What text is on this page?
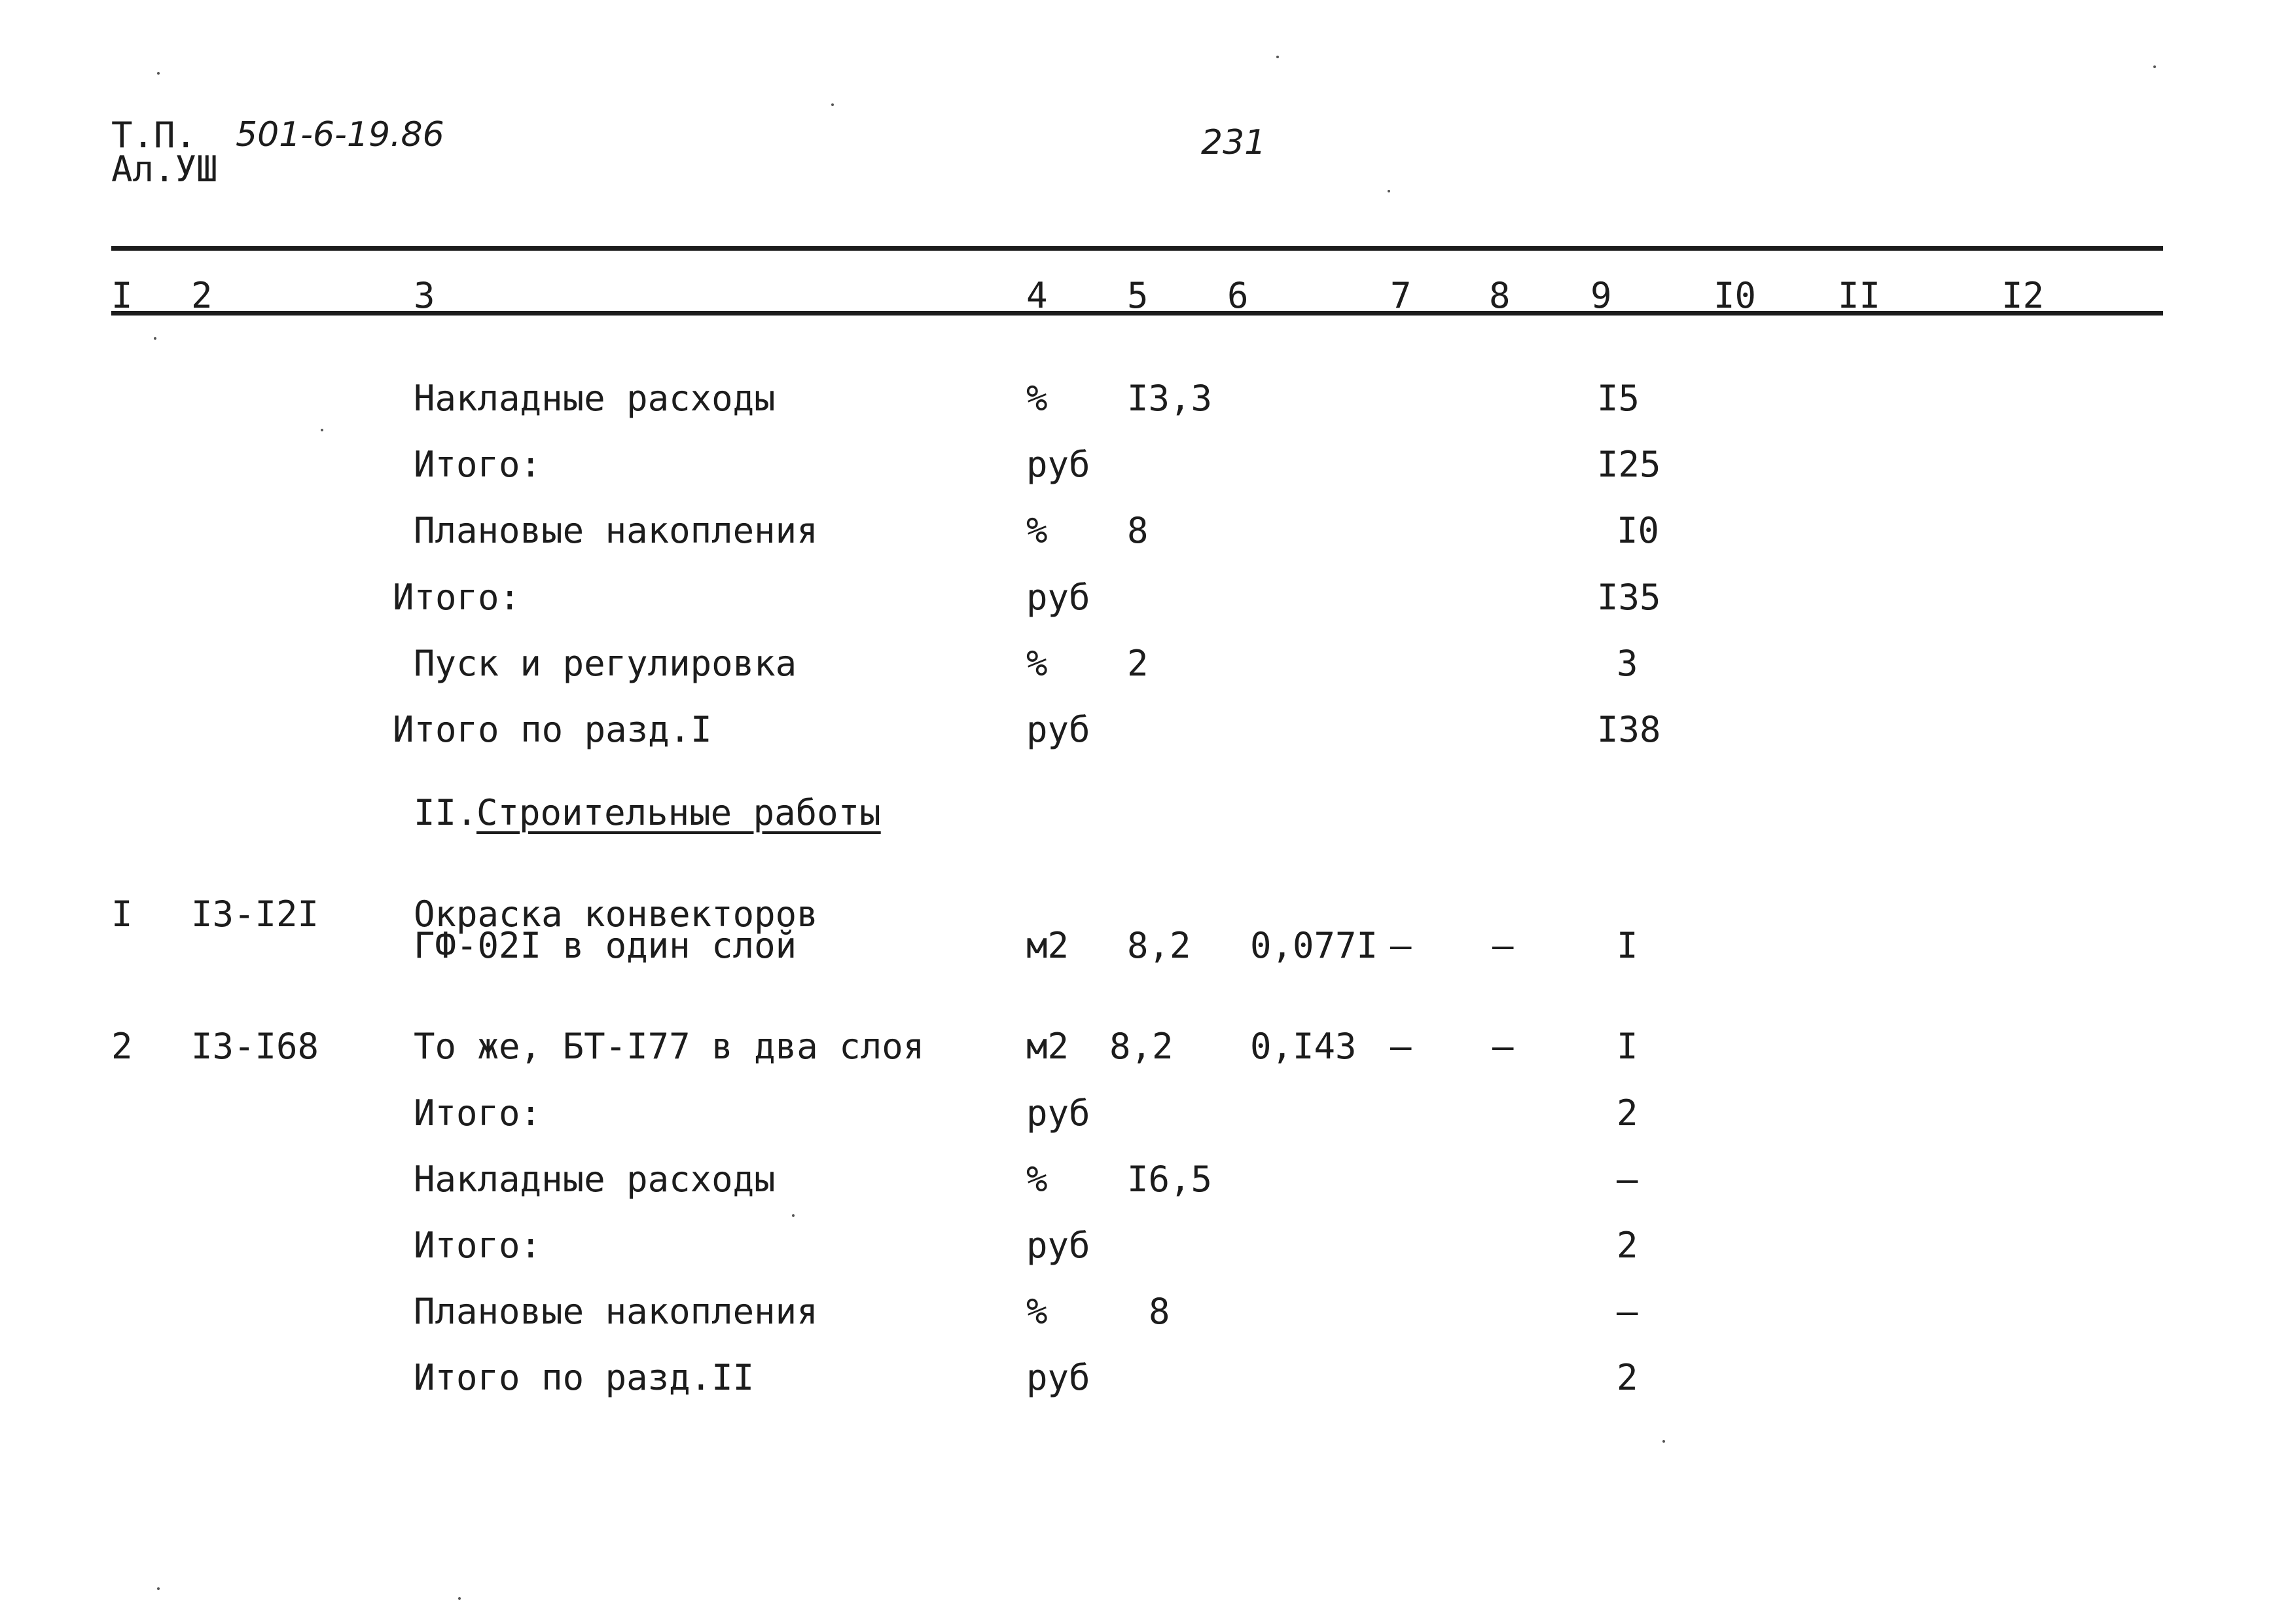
Т.П. 501-6-19.86
Ал.УШ
231
I 2	3	4 5 6	7 8 9	I0 II	I2
Накладные расходы	% I3,3	I5
Итого:	руб	I25
Плановые накопления	% 8	I0
Итого:	руб	I35
Пуск и регулировка	% 2	3
Итого по разд.I	руб	I38
II.
Строительные работы
I I3-I2I	Окраска конвекторов
ГФ-02I в один слой	м2 8,2 0,077I – –	I
2 I3-I68	То же, БТ-I77 в два слоя	м2 8,2 0,I43 – –	I
Итого:	руб	2
Накладные расходы	% I6,5	–
Итого:	руб	2
Плановые накопления	%	8	–
Итого по разд.II	руб	2
